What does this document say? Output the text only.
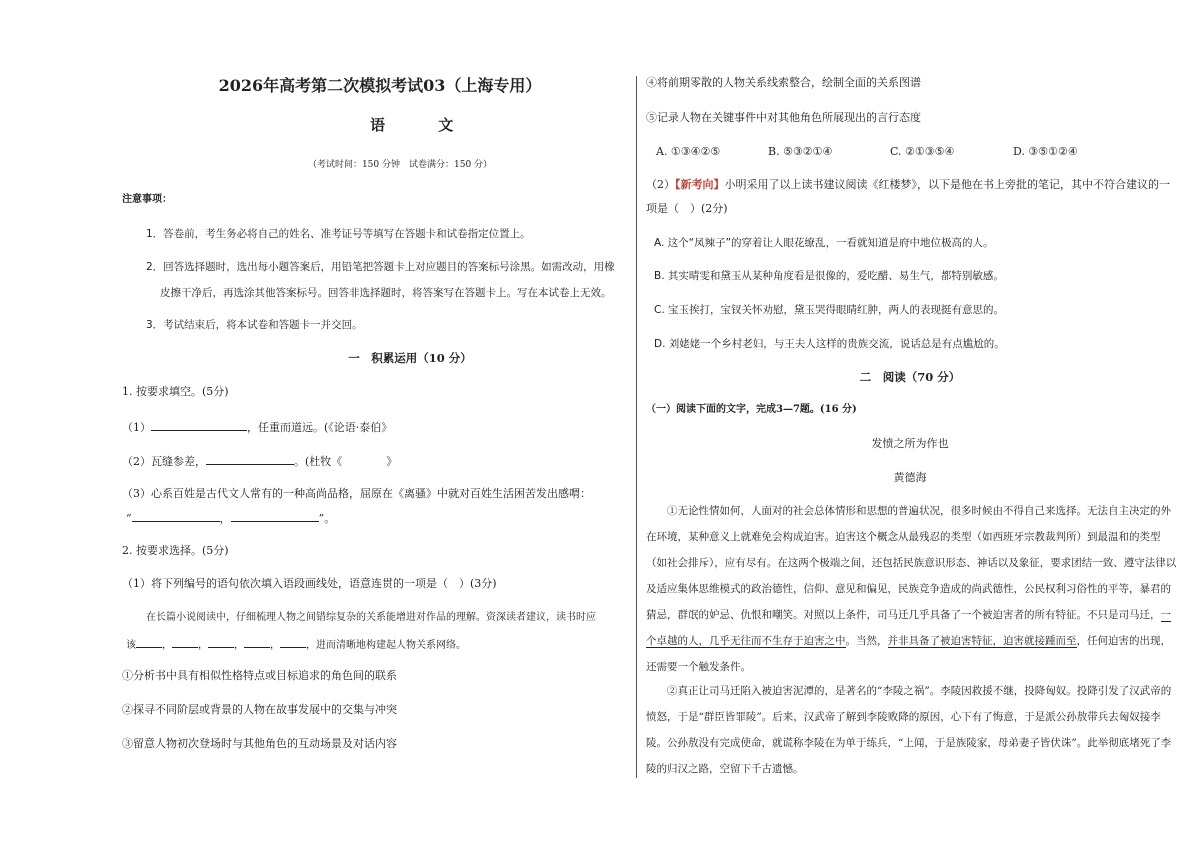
2026年高考第二次模拟考试03（上海专用）
语 文
（考试时间：150 分钟　试卷满分：150 分）
注意事项：
1．答卷前，考生务必将自己的姓名、准考证号等填写在答题卡和试卷指定位置上。
2．回答选择题时，选出每小题答案后，用铅笔把答题卡上对应题目的答案标号涂黑。如需改动，用橡
皮擦干净后，再选涂其他答案标号。回答非选择题时，将答案写在答题卡上。写在本试卷上无效。
3．考试结束后，将本试卷和答题卡一并交回。
一　积累运用（10 分）
1. 按要求填空。(5分)
（1）	，任重而道远。(《论语·泰伯》
（2）瓦缝参差，	。(杜牧《	》
（3）心系百姓是古代文人常有的一种高尚品格，屈原在《离骚》中就对百姓生活困苦发出感喟：
“	，	”。
2. 按要求选择。(5分)
（1）将下列编号的语句依次填入语段画线处，语意连贯的一项是（　）(3分)
在长篇小说阅读中，仔细梳理人物之间错综复杂的关系能增进对作品的理解。资深读者建议，读书时应
该	，	，	，	，	，进而清晰地构建起人物关系网络。
①分析书中具有相似性格特点或目标追求的角色间的联系
②探寻不同阶层或背景的人物在故事发展中的交集与冲突
③留意人物初次登场时与其他角色的互动场景及对话内容
④将前期零散的人物关系线索整合，绘制全面的关系图谱
⑤记录人物在关键事件中对其他角色所展现出的言行态度
A. ①③④②⑤	B. ⑤③②①④	C. ②①③⑤④	D. ③⑤①②④
（2）【新考向】小明采用了以上读书建议阅读《红楼梦》，以下是他在书上旁批的笔记，其中不符合建议的一
项是（　）(2分)
A. 这个“凤辣子”的穿着让人眼花缭乱，一看就知道是府中地位极高的人。
B. 其实晴雯和黛玉从某种角度看是很像的，爱吃醋、易生气，都特别敏感。
C. 宝玉挨打，宝钗关怀劝慰，黛玉哭得眼睛红肿，两人的表现挺有意思的。
D. 刘姥姥一个乡村老妇，与王夫人这样的贵族交流，说话总是有点尴尬的。
二　阅读（70 分）
（一）阅读下面的文字，完成3—7题。(16 分)
发愤之所为作也
黄德海
①无论性情如何，人面对的社会总体情形和思想的普遍状况，很多时候由不得自己来选择。无法自主决定的外在环境，某种意义上就难免会构成迫害。迫害这个概念从最残忍的类型（如西班牙宗教裁判所）到最温和的类型（如社会排斥），应有尽有。在这两个极端之间，还包括民族意识形态、神话以及象征，要求团结一致、遵守法律以及适应集体思维模式的政治德性，信仰、意见和偏见，民族竞争造成的尚武德性，公民权利习俗性的平等，暴君的猜忌，群氓的妒忌、仇恨和嘲笑。对照以上条件，司马迁几乎具备了一个被迫害者的所有特征。不只是司马迁，一个卓越的人，几乎无往而不生存于迫害之中。当然，并非具备了被迫害特征，迫害就接踵而至，任何迫害的出现，还需要一个触发条件。
②真正让司马迁陷入被迫害泥潭的，是著名的“李陵之祸”。李陵因救援不继，投降匈奴。投降引发了汉武帝的愤怒，于是“群臣皆罪陵”。后来，汉武帝了解到李陵败降的原因，心下有了悔意，于是派公孙敖带兵去匈奴接李陵。公孙敖没有完成使命，就谎称李陵在为单于练兵，“上闻，于是族陵家，母弟妻子皆伏诛”。此举彻底堵死了李陵的归汉之路，空留下千古遗憾。
